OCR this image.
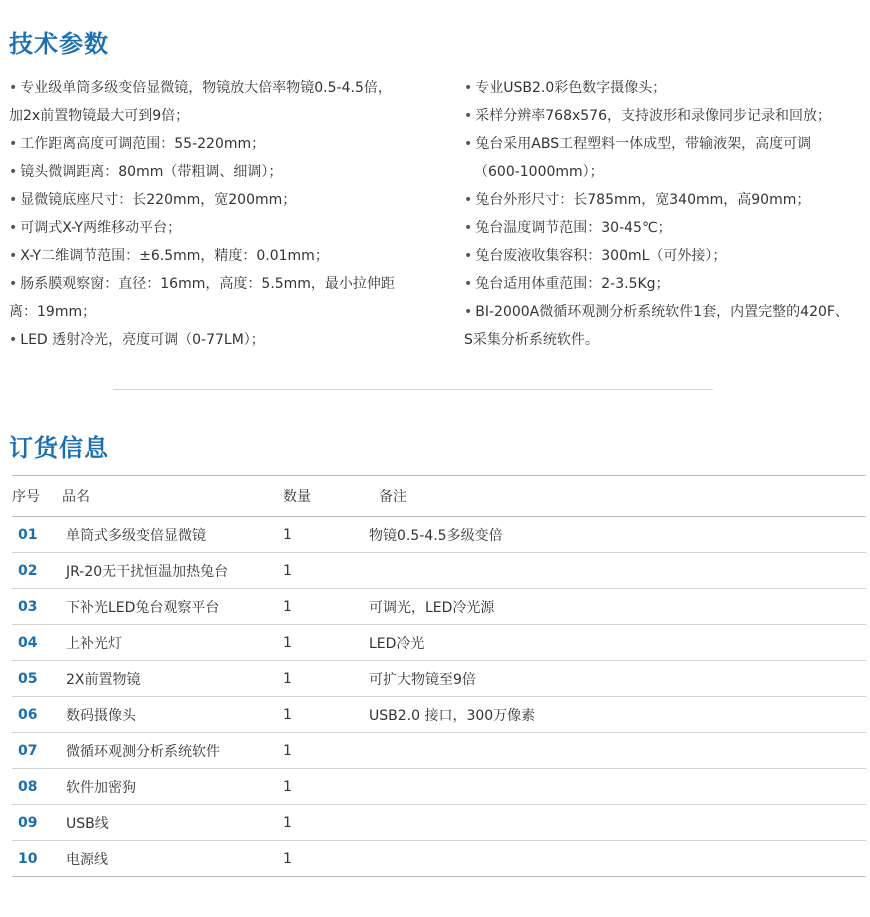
技术参数
• 专业级单筒多级变倍显微镜，物镜放大倍率物镜0.5-4.5倍，
加2x前置物镜最大可到9倍；
• 工作距离高度可调范围：55-220mm；
• 镜头微调距离：80mm（带粗调、细调）；
• 显微镜底座尺寸：长220mm，宽200mm；
• 可调式X-Y两维移动平台；
• X-Y二维调节范围：±6.5mm，精度：0.01mm；
• 肠系膜观察窗：直径：16mm，高度：5.5mm，最小拉伸距
离：19mm；
• LED 透射冷光，亮度可调（0-77LM）；
• 专业USB2.0彩色数字摄像头；
• 采样分辨率768x576，支持波形和录像同步记录和回放；
• 兔台采用ABS工程塑料一体成型，带输液架，高度可调
（600-1000mm）；
• 兔台外形尺寸：长785mm，宽340mm，高90mm；
• 兔台温度调节范围：30-45℃；
• 兔台废液收集容积：300mL（可外接）；
• 兔台适用体重范围：2-3.5Kg；
• BI-2000A微循环观测分析系统软件1套，内置完整的420F、
S采集分析系统软件。
订货信息
序号	品名	数量	备注
01	单筒式多级变倍显微镜	1	物镜0.5-4.5多级变倍
02	JR-20无干扰恒温加热兔台	1	
03	下补光LED兔台观察平台	1	可调光，LED冷光源
04	上补光灯	1	LED冷光
05	2X前置物镜	1	可扩大物镜至9倍
06	数码摄像头	1	USB2.0 接口，300万像素
07	微循环观测分析系统软件	1	
08	软件加密狗	1	
09	USB线	1	
10	电源线	1	
